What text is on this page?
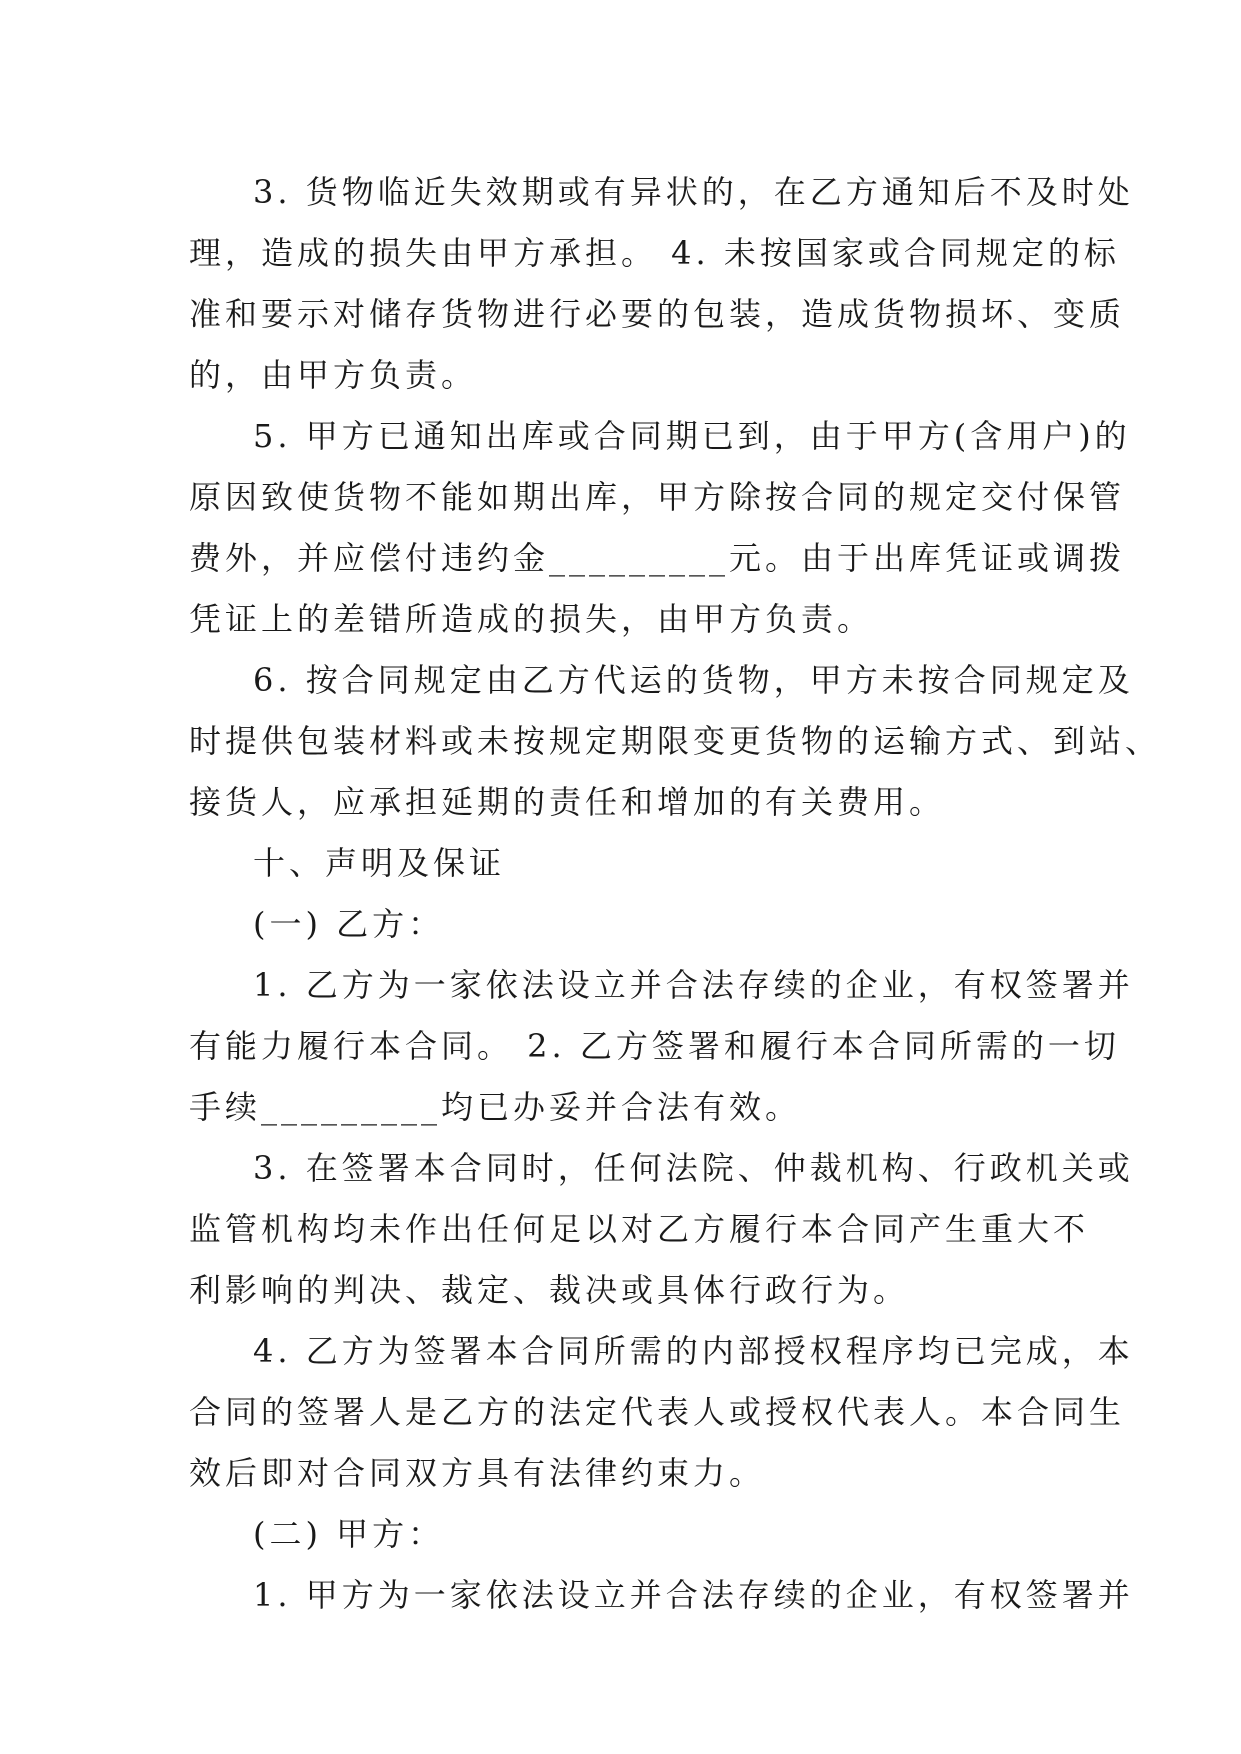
3. 货物临近失效期或有异状的，在乙方通知后不及时处

理，造成的损失由甲方承担。 4. 未按国家或合同规定的标

准和要示对储存货物进行必要的包装，造成货物损坏、变质

的，由甲方负责。

5. 甲方已通知出库或合同期已到，由于甲方(含用户)的

原因致使货物不能如期出库，甲方除按合同的规定交付保管

费外，并应偿付违约金_________元。由于出库凭证或调拨

凭证上的差错所造成的损失，由甲方负责。

6. 按合同规定由乙方代运的货物，甲方未按合同规定及

时提供包装材料或未按规定期限变更货物的运输方式、到站、

接货人，应承担延期的责任和增加的有关费用。

十、声明及保证

(一) 乙方：

1. 乙方为一家依法设立并合法存续的企业，有权签署并

有能力履行本合同。 2. 乙方签署和履行本合同所需的一切

手续_________均已办妥并合法有效。

3. 在签署本合同时，任何法院、仲裁机构、行政机关或

监管机构均未作出任何足以对乙方履行本合同产生重大不

利影响的判决、裁定、裁决或具体行政行为。

4. 乙方为签署本合同所需的内部授权程序均已完成，本

合同的签署人是乙方的法定代表人或授权代表人。本合同生

效后即对合同双方具有法律约束力。

(二) 甲方：

1. 甲方为一家依法设立并合法存续的企业，有权签署并
